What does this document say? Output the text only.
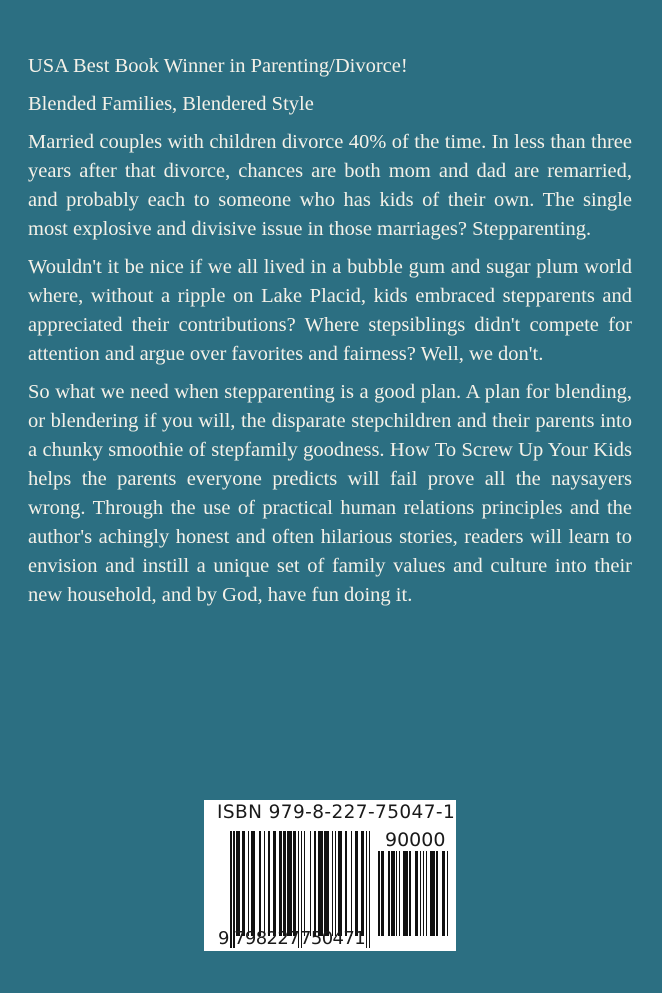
USA Best Book Winner in Parenting/Divorce!

Blended Families, Blendered Style

Married couples with children divorce 40% of the time. In less than three years after that divorce, chances are both mom and dad are remarried, and probably each to someone who has kids of their own. The single most explosive and divisive issue in those marriages? Stepparenting.

Wouldn't it be nice if we all lived in a bubble gum and sugar plum world where, without a ripple on Lake Placid, kids embraced stepparents and appreciated their contributions? Where stepsiblings didn't compete for attention and argue over favorites and fairness? Well, we don't.

So what we need when stepparenting is a good plan. A plan for blending, or blendering if you will, the disparate stepchildren and their parents into a chunky smoothie of stepfamily goodness. How To Screw Up Your Kids helps the parents everyone predicts will fail prove all the naysayers wrong. Through the use of practical human relations principles and the author's achingly honest and often hilarious stories, readers will learn to envision and instill a unique set of family values and culture into their new household, and by God, have fun doing it.

ISBN 979-8-227-75047-1
90000
9 798227 750471
